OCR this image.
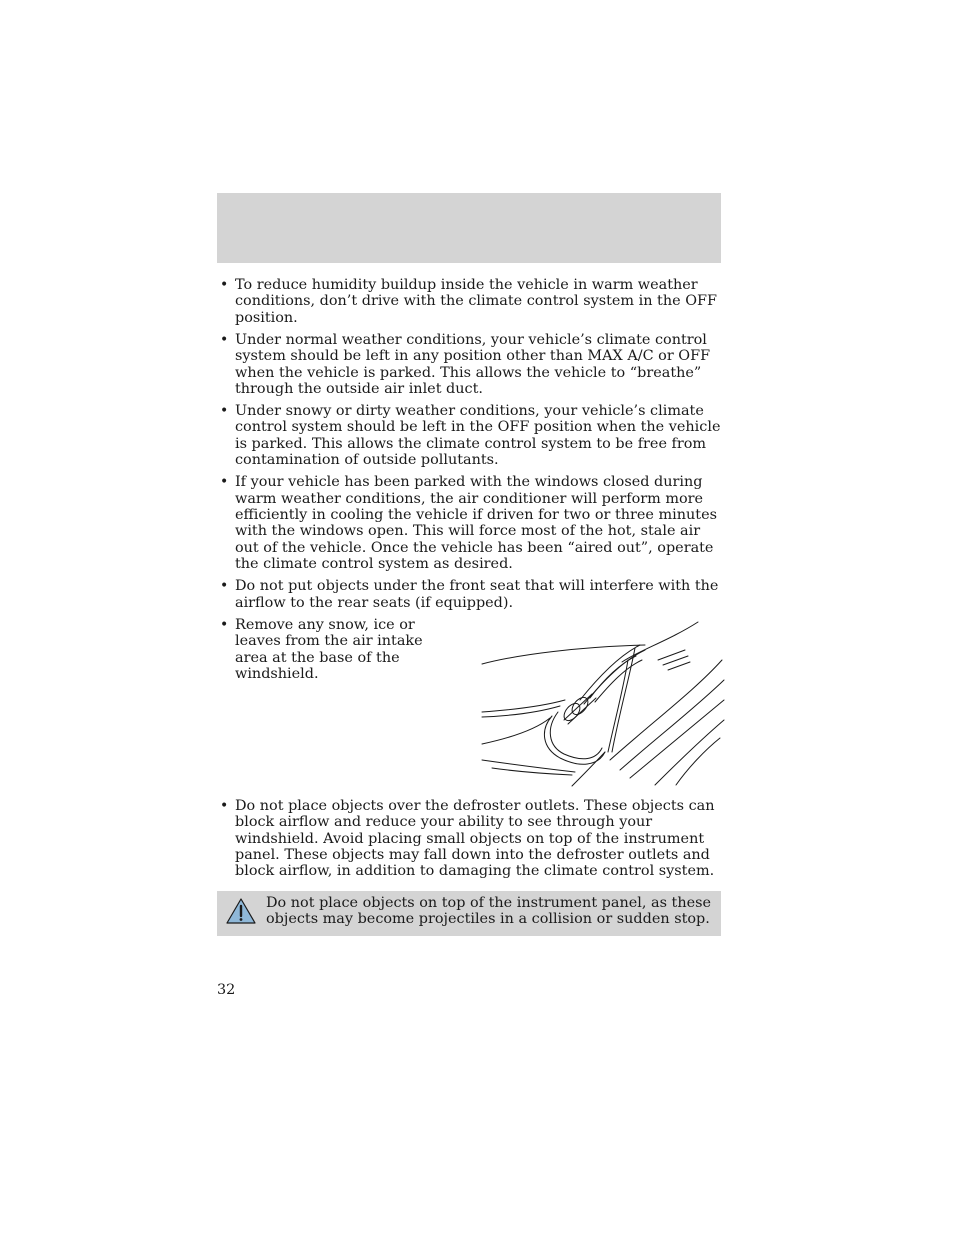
• To reduce humidity buildup inside the vehicle in warm weather conditions, don’t drive with the climate control system in the OFF position.
• Under normal weather conditions, your vehicle’s climate control system should be left in any position other than MAX A/C or OFF when the vehicle is parked. This allows the vehicle to “breathe” through the outside air inlet duct.
• Under snowy or dirty weather conditions, your vehicle’s climate control system should be left in the OFF position when the vehicle is parked. This allows the climate control system to be free from contamination of outside pollutants.
• If your vehicle has been parked with the windows closed during warm weather conditions, the air conditioner will perform more efficiently in cooling the vehicle if driven for two or three minutes with the windows open. This will force most of the hot, stale air out of the vehicle. Once the vehicle has been “aired out”, operate the climate control system as desired.
• Do not put objects under the front seat that will interfere with the airflow to the rear seats (if equipped).
• Remove any snow, ice or leaves from the air intake area at the base of the windshield.
• Do not place objects over the defroster outlets. These objects can block airflow and reduce your ability to see through your windshield. Avoid placing small objects on top of the instrument panel. These objects may fall down into the defroster outlets and block airflow, in addition to damaging the climate control system.
Do not place objects on top of the instrument panel, as these objects may become projectiles in a collision or sudden stop.
32
